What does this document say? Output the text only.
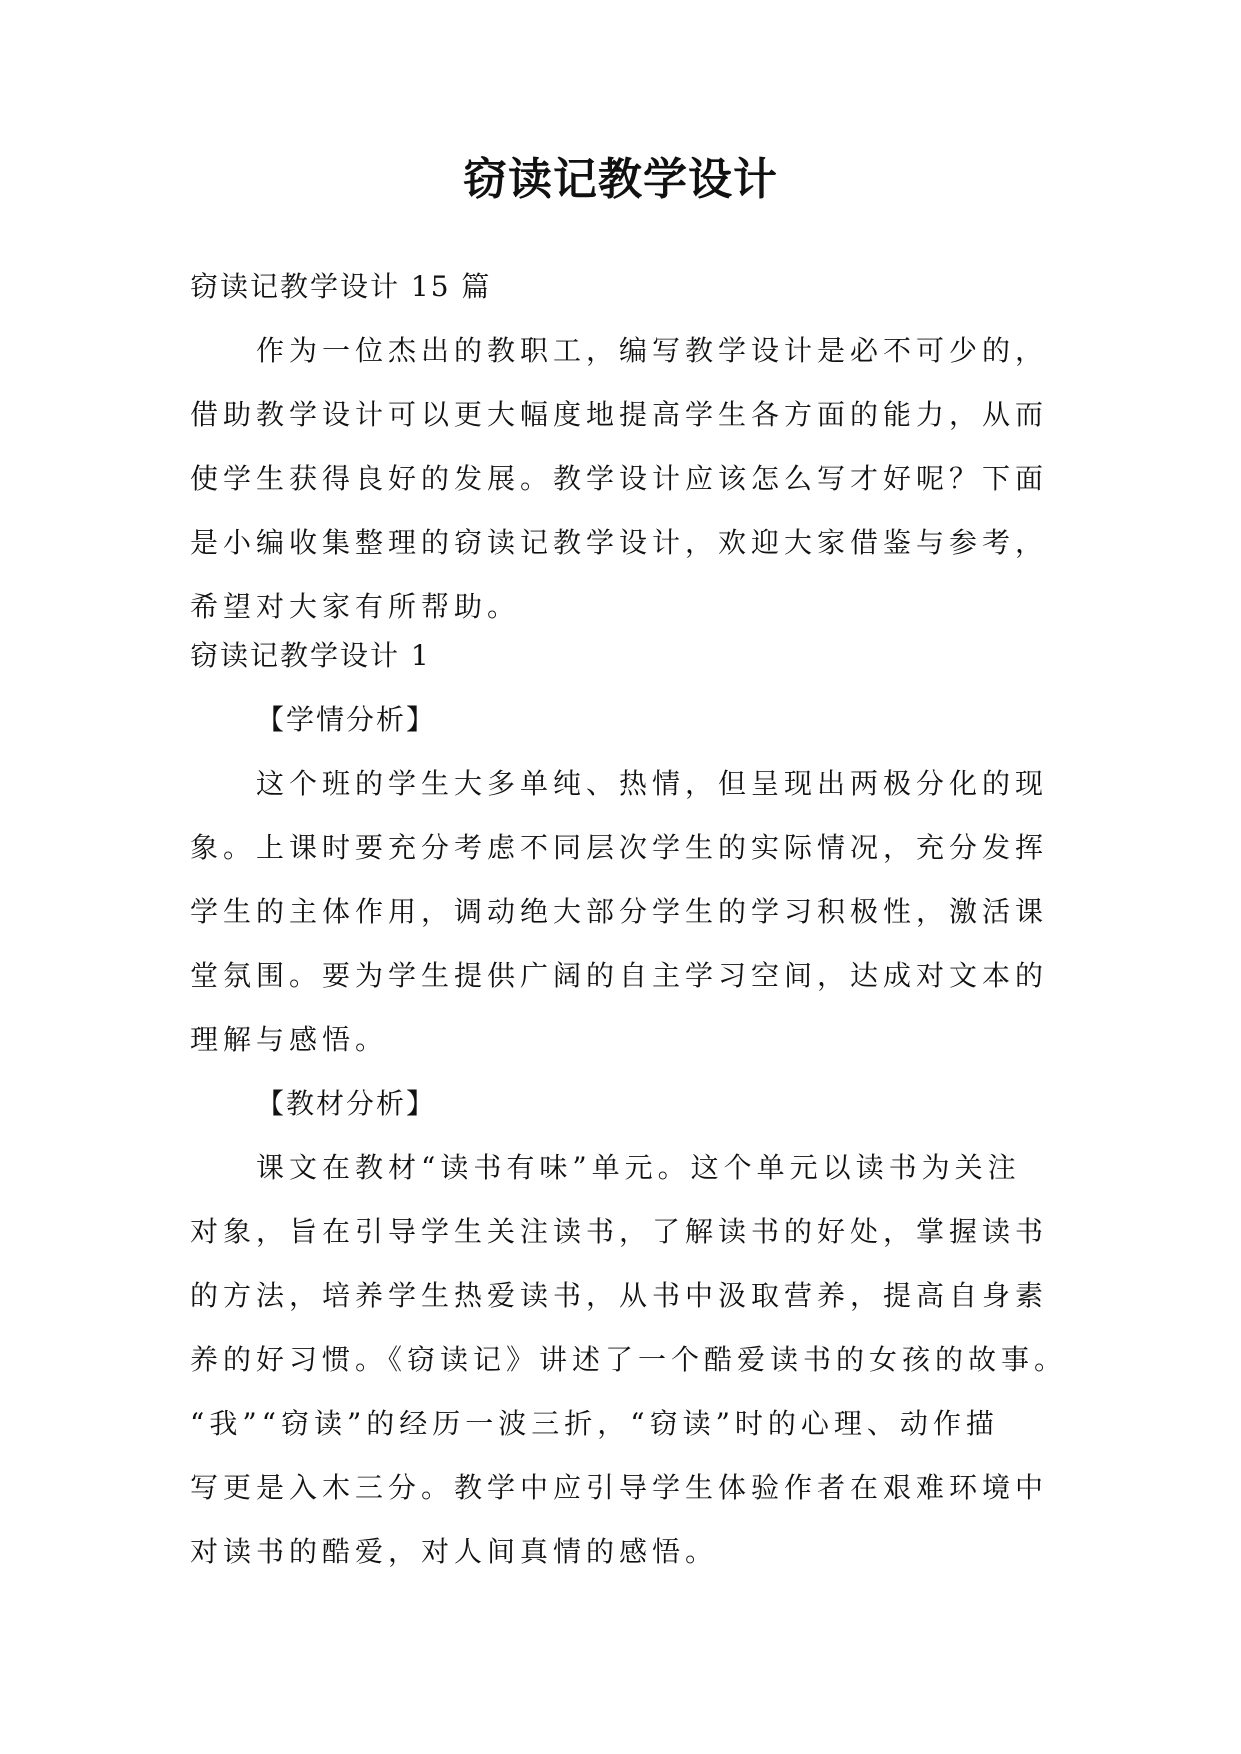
窃读记教学设计
窃读记教学设计 15 篇
作为一位杰出的教职工，编写教学设计是必不可少的，
借助教学设计可以更大幅度地提高学生各方面的能力，从而
使学生获得良好的发展。教学设计应该怎么写才好呢？下面
是小编收集整理的窃读记教学设计，欢迎大家借鉴与参考，
希望对大家有所帮助。
窃读记教学设计 1
【学情分析】
这个班的学生大多单纯、热情，但呈现出两极分化的现
象。上课时要充分考虑不同层次学生的实际情况，充分发挥
学生的主体作用，调动绝大部分学生的学习积极性，激活课
堂氛围。要为学生提供广阔的自主学习空间，达成对文本的
理解与感悟。
【教材分析】
课文在教材“读书有味”单元。这个单元以读书为关注
对象，旨在引导学生关注读书，了解读书的好处，掌握读书
的方法，培养学生热爱读书，从书中汲取营养，提高自身素
养的好习惯。《窃读记》讲述了一个酷爱读书的女孩的故事。
“我”“窃读”的经历一波三折，“窃读”时的心理、动作描
写更是入木三分。教学中应引导学生体验作者在艰难环境中
对读书的酷爱，对人间真情的感悟。
